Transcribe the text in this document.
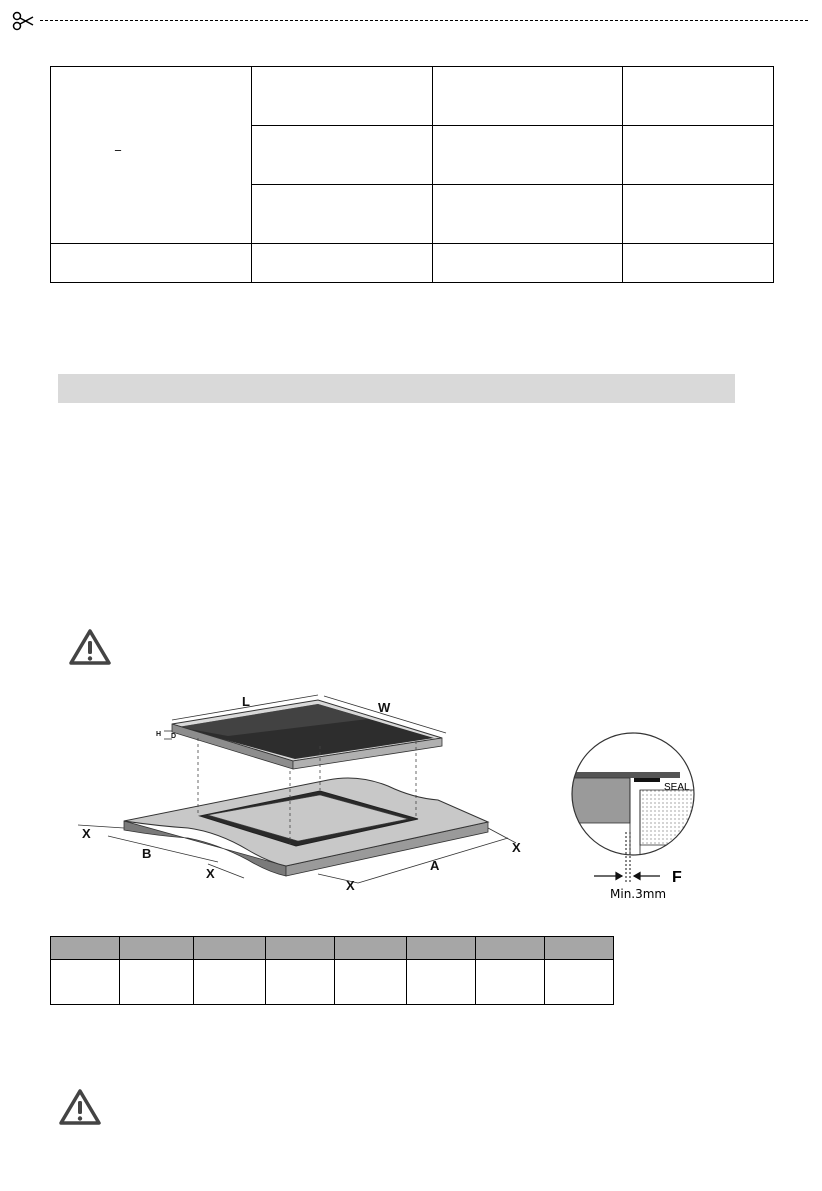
_			

L	W
H D
X
B
X
X
A
X
SEAL
F
Min.3mm
